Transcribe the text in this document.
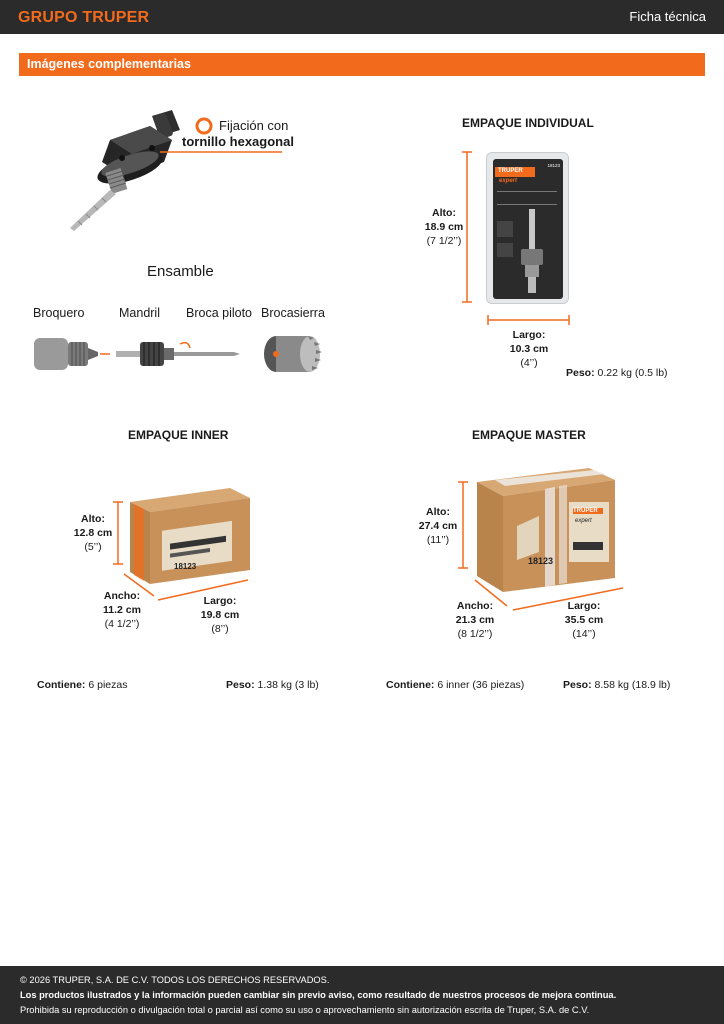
GRUPO TRUPER	Ficha técnica
Imágenes complementarias
Fijación con
tornillo hexagonal
Ensamble
Broquero	Mandril Broca piloto Brocasierra
EMPAQUE INDIVIDUAL
Alto:
18.9 cm
(7 1/2’’)
TRUPER
expert
18123
Largo:
10.3 cm
(4’’)
Peso: 0.22 kg (0.5 lb)
EMPAQUE INNER
18123
Alto:
12.8 cm
(5’’)
Ancho:
11.2 cm
(4 1/2’’)
Largo:
19.8 cm
(8’’)
Contiene: 6 piezas	Peso: 1.38 kg (3 lb)
EMPAQUE MASTER
TRUPER
expert
18123
Alto:
27.4 cm
(11’’)
Ancho:
21.3 cm
(8 1/2’’)
Largo:
35.5 cm
(14’’)
Contiene: 6 inner (36 piezas)	Peso: 8.58 kg (18.9 lb)
© 2026 TRUPER, S.A. DE C.V. TODOS LOS DERECHOS RESERVADOS.
Los productos ilustrados y la información pueden cambiar sin previo aviso, como resultado de nuestros procesos de mejora continua.
Prohibida su reproducción o divulgación total o parcial así como su uso o aprovechamiento sin autorización escrita de Truper, S.A. de C.V.
